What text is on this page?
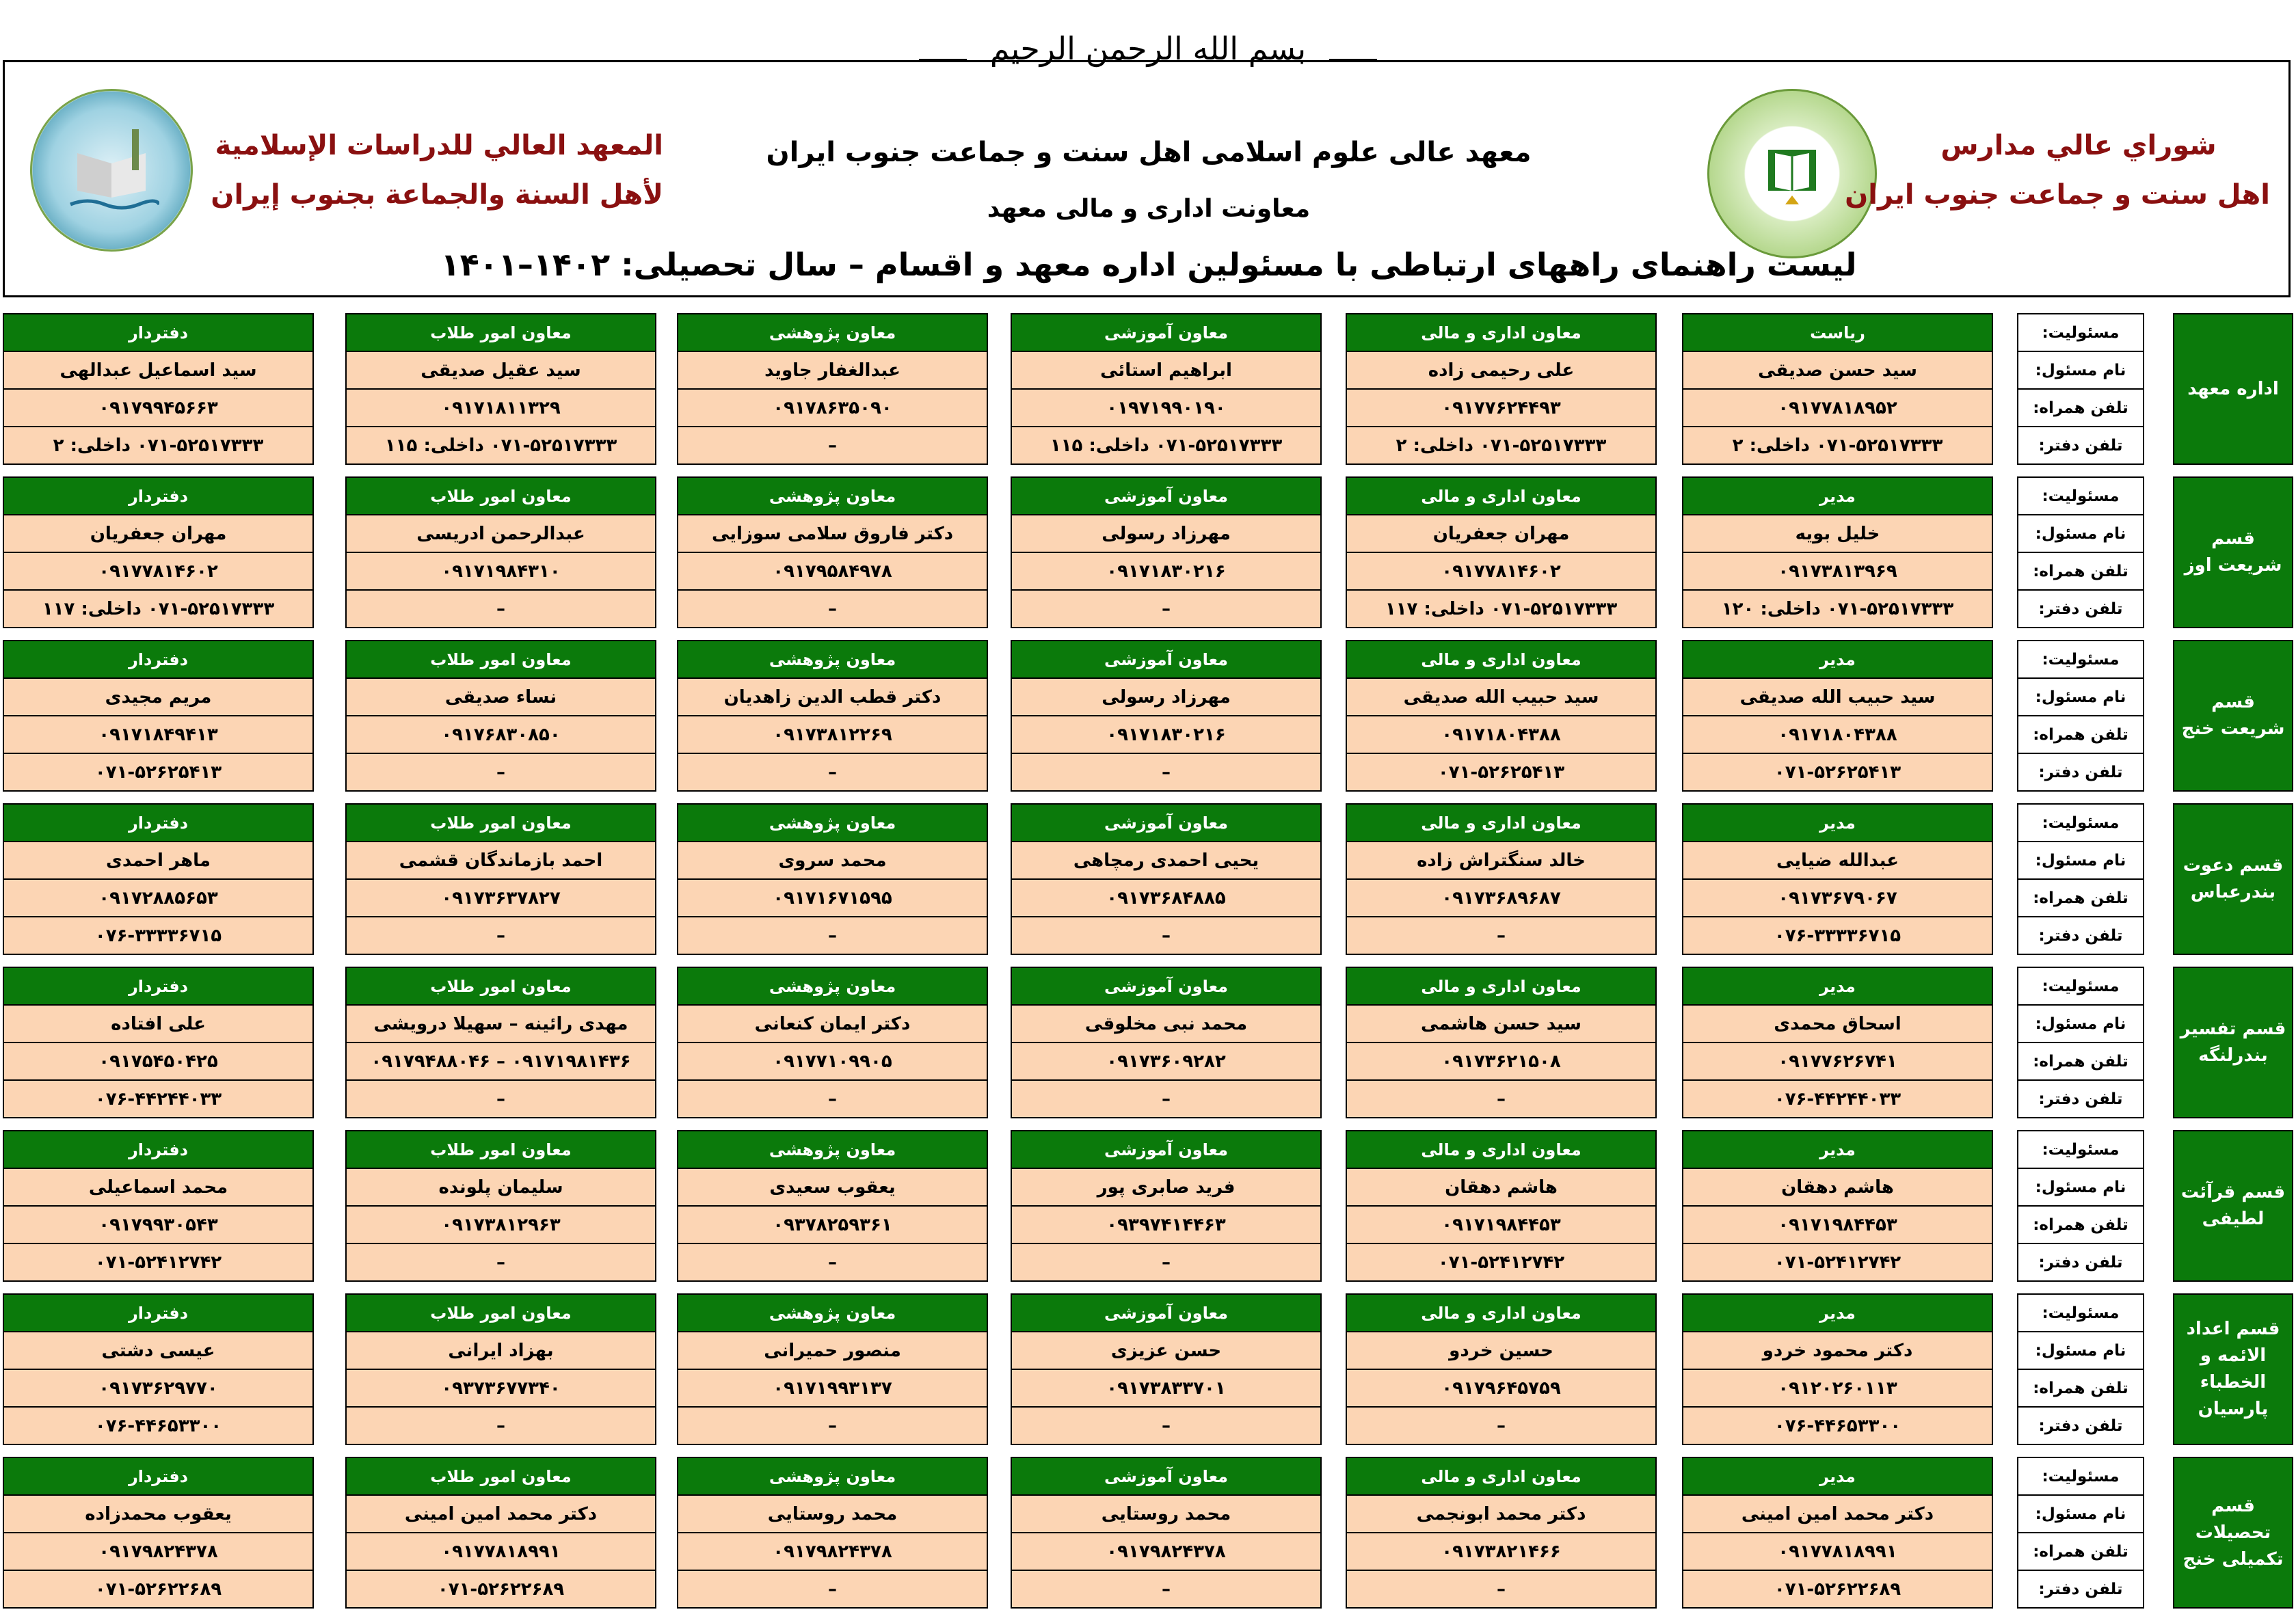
بسم الله الرحمن الرحیم
المعهد العالي للدراسات الإسلامية
لأهل السنة والجماعة بجنوب إيران
شوراي عالي مدارس
اهل سنت و جماعت جنوب ايران
معهد عالی علوم اسلامی اهل سنت و جماعت جنوب ایران
معاونت اداری و مالی معهد
لیست راهنمای راههای ارتباطی با مسئولین اداره معهد و اقسام – سال تحصیلی: ۱۴۰۲–۱۴۰۱
اداره معهد
مسئولیت:
نام مسئول:
تلفن همراه:
تلفن دفتر:
ریاست
سید حسن صدیقی
۰۹۱۷۷۸۱۸۹۵۲
۰۷۱-۵۲۵۱۷۳۳۳ داخلی: ۲
معاون اداری و مالی
علی رحیمی زاده
۰۹۱۷۷۶۲۴۴۹۳
۰۷۱-۵۲۵۱۷۳۳۳ داخلی: ۲
معاون آموزشی
ابراهیم استائی
۰۱۹۷۱۹۹۰۱۹۰
۰۷۱-۵۲۵۱۷۳۳۳ داخلی: ۱۱۵
معاون پژوهشی
عبدالغفار جاوید
۰۹۱۷۸۶۳۵۰۹۰
–
معاون امور طلاب
سید عقیل صدیقی
۰۹۱۷۱۸۱۱۳۲۹
۰۷۱-۵۲۵۱۷۳۳۳ داخلی: ۱۱۵
دفتردار
سید اسماعیل عبدالهی
۰۹۱۷۹۹۴۵۶۶۳
۰۷۱-۵۲۵۱۷۳۳۳ داخلی: ۲
قسم شریعت اوز
مسئولیت:
نام مسئول:
تلفن همراه:
تلفن دفتر:
مدیر
خلیل بویه
۰۹۱۷۳۸۱۳۹۶۹
۰۷۱-۵۲۵۱۷۳۳۳ داخلی: ۱۲۰
معاون اداری و مالی
مهران جعفریان
۰۹۱۷۷۸۱۴۶۰۲
۰۷۱-۵۲۵۱۷۳۳۳ داخلی: ۱۱۷
معاون آموزشی
مهرزاد رسولی
۰۹۱۷۱۸۳۰۲۱۶
–
معاون پژوهشی
دکتر فاروق سلامی سوزایی
۰۹۱۷۹۵۸۴۹۷۸
–
معاون امور طلاب
عبدالرحمن ادریسی
۰۹۱۷۱۹۸۴۳۱۰
–
دفتردار
مهران جعفریان
۰۹۱۷۷۸۱۴۶۰۲
۰۷۱-۵۲۵۱۷۳۳۳ داخلی: ۱۱۷
قسم شریعت خنج
مسئولیت:
نام مسئول:
تلفن همراه:
تلفن دفتر:
مدیر
سید حبیب الله صدیقی
۰۹۱۷۱۸۰۴۳۸۸
۰۷۱-۵۲۶۲۵۴۱۳
معاون اداری و مالی
سید حبیب الله صدیقی
۰۹۱۷۱۸۰۴۳۸۸
۰۷۱-۵۲۶۲۵۴۱۳
معاون آموزشی
مهرزاد رسولی
۰۹۱۷۱۸۳۰۲۱۶
–
معاون پژوهشی
دکتر قطب الدین زاهدیان
۰۹۱۷۳۸۱۲۲۶۹
–
معاون امور طلاب
نساء صدیقی
۰۹۱۷۶۸۳۰۸۵۰
–
دفتردار
مریم مجیدی
۰۹۱۷۱۸۴۹۴۱۳
۰۷۱-۵۲۶۲۵۴۱۳
قسم دعوت بندرعباس
مسئولیت:
نام مسئول:
تلفن همراه:
تلفن دفتر:
مدیر
عبدالله ضیایی
۰۹۱۷۳۶۷۹۰۶۷
۰۷۶-۳۳۳۳۶۷۱۵
معاون اداری و مالی
خالد سنگتراش زاده
۰۹۱۷۳۶۸۹۶۸۷
–
معاون آموزشی
یحیی احمدی رمچاهی
۰۹۱۷۳۶۸۴۸۸۵
–
معاون پژوهشی
محمد سروی
۰۹۱۷۱۶۷۱۵۹۵
–
معاون امور طلاب
احمد بازماندگان قشمی
۰۹۱۷۳۶۳۷۸۲۷
–
دفتردار
ماهر احمدی
۰۹۱۷۲۸۸۵۶۵۳
۰۷۶-۳۳۳۳۶۷۱۵
قسم تفسیر بندرلنگه
مسئولیت:
نام مسئول:
تلفن همراه:
تلفن دفتر:
مدیر
اسحاق محمدی
۰۹۱۷۷۶۲۶۷۴۱
۰۷۶-۴۴۲۴۴۰۳۳
معاون اداری و مالی
سید حسن هاشمی
۰۹۱۷۳۶۲۱۵۰۸
–
معاون آموزشی
محمد نبی مخلوقی
۰۹۱۷۳۶۰۹۲۸۲
–
معاون پژوهشی
دکتر ایمان کنعانی
۰۹۱۷۷۱۰۹۹۰۵
–
معاون امور طلاب
مهدی رائینه – سهیلا درویشی
۰۹۱۷۱۹۸۱۴۳۶ – ۰۹۱۷۹۴۸۸۰۴۶
–
دفتردار
علی افتاده
۰۹۱۷۵۴۵۰۴۲۵
۰۷۶-۴۴۲۴۴۰۳۳
قسم قرآئت لطیفی
مسئولیت:
نام مسئول:
تلفن همراه:
تلفن دفتر:
مدیر
هاشم دهقان
۰۹۱۷۱۹۸۴۴۵۳
۰۷۱-۵۲۴۱۲۷۴۲
معاون اداری و مالی
هاشم دهقان
۰۹۱۷۱۹۸۴۴۵۳
۰۷۱-۵۲۴۱۲۷۴۲
معاون آموزشی
فرید صابری پور
۰۹۳۹۷۴۱۴۴۶۳
–
معاون پژوهشی
یعقوب سعیدی
۰۹۳۷۸۲۵۹۳۶۱
–
معاون امور طلاب
سلیمان پلونده
۰۹۱۷۳۸۱۲۹۶۳
–
دفتردار
محمد اسماعیلی
۰۹۱۷۹۹۳۰۵۴۳
۰۷۱-۵۲۴۱۲۷۴۲
قسم اعداد الائمه و الخطباء پارسیان
مسئولیت:
نام مسئول:
تلفن همراه:
تلفن دفتر:
مدیر
دکتر محمود خردو
۰۹۱۲۰۲۶۰۱۱۳
۰۷۶-۴۴۶۵۳۳۰۰
معاون اداری و مالی
حسین خردو
۰۹۱۷۹۶۴۵۷۵۹
–
معاون آموزشی
حسن عزیزی
۰۹۱۷۳۸۳۳۷۰۱
–
معاون پژوهشی
منصور حمیرانی
۰۹۱۷۱۹۹۳۱۳۷
–
معاون امور طلاب
بهزاد ایرانی
۰۹۳۷۳۶۷۷۳۴۰
–
دفتردار
عیسی دشتی
۰۹۱۷۳۶۲۹۷۷۰
۰۷۶-۴۴۶۵۳۳۰۰
قسم تحصیلات تکمیلی خنج
مسئولیت:
نام مسئول:
تلفن همراه:
تلفن دفتر:
مدیر
دکتر محمد امین امینی
۰۹۱۷۷۸۱۸۹۹۱
۰۷۱-۵۲۶۲۲۶۸۹
معاون اداری و مالی
دکتر محمد ابونجمی
۰۹۱۷۳۸۲۱۴۶۶
–
معاون آموزشی
محمد روستایی
۰۹۱۷۹۸۲۴۳۷۸
–
معاون پژوهشی
محمد روستایی
۰۹۱۷۹۸۲۴۳۷۸
–
معاون امور طلاب
دکتر محمد امین امینی
۰۹۱۷۷۸۱۸۹۹۱
۰۷۱-۵۲۶۲۲۶۸۹
دفتردار
یعقوب محمدزاده
۰۹۱۷۹۸۲۴۳۷۸
۰۷۱-۵۲۶۲۲۶۸۹
